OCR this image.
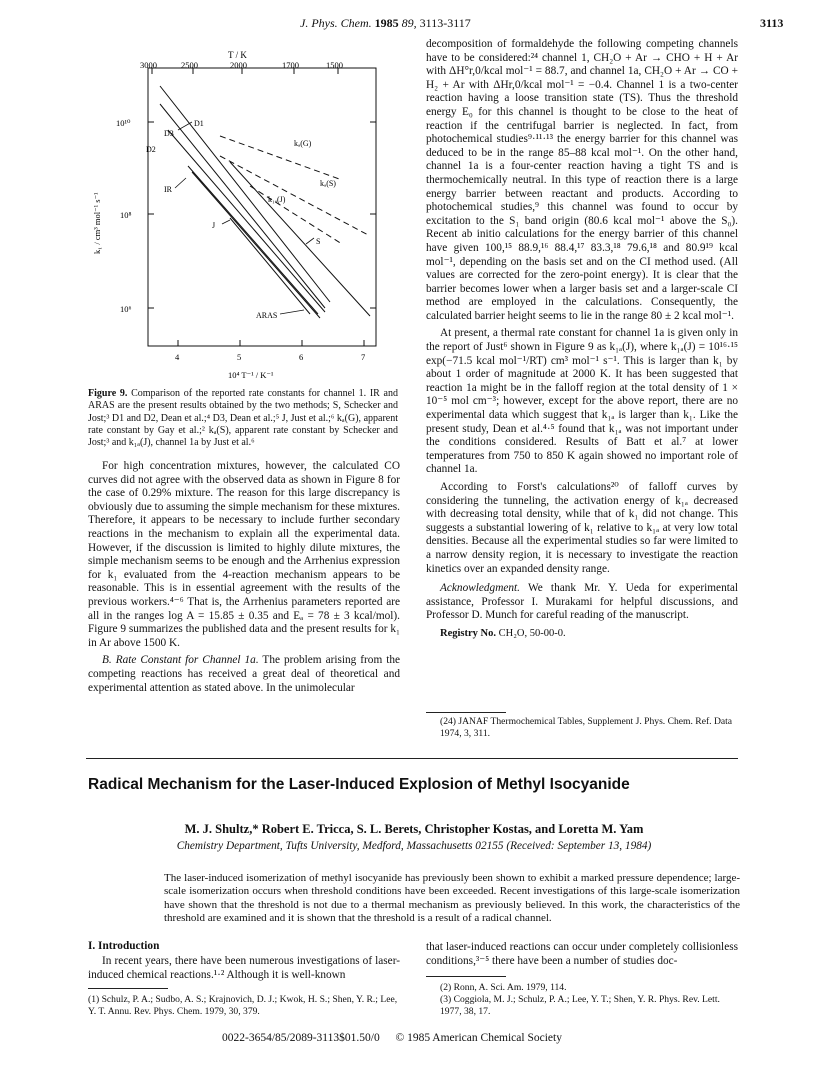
J. Phys. Chem. 1985 89, 3113-3117	3113
T / K
3000	2500	2000	1700	1500
10¹⁰
10⁸
10⁶
4	5	6	7
10⁴ T⁻¹ / K⁻¹
k₁ / cm³ mol⁻¹ s⁻¹
D1
D3
D2
IR
J
kₐ(G)
kₐ(S)
k₁ₐ(J)
S
ARAS
Figure 9. Comparison of the reported rate constants for channel 1. IR and ARAS are the present results obtained by the two methods; S, Schecker and Jost;³ D1 and D2, Dean et al.;⁴ D3, Dean et al.;⁵ J, Just et al.;⁶ kₐ(G), apparent rate constant by Gay et al.;² kₐ(S), apparent rate constant by Schecker and Jost;³ and k₁ₐ(J), channel 1a by Just et al.⁶

For high concentration mixtures, however, the calculated CO curves did not agree with the observed data as shown in Figure 8 for the case of 0.29% mixture. The reason for this large discrepancy is obviously due to assuming the simple mechanism for these mixtures. Therefore, it appears to be necessary to include further secondary reactions in the mechanism to explain all the experimental data. However, if the discussion is limited to highly dilute mixtures, the simple mechanism seems to be enough and the Arrhenius expression for k₁ evaluated from the 4-reaction mechanism appears to be reasonable. This is in essential agreement with the results of the previous workers.⁴⁻⁶ That is, the Arrhenius parameters reported are all in the ranges log A = 15.85 ± 0.35 and Eₐ = 78 ± 3 kcal/mol). Figure 9 summarizes the published data and the present results for k₁ in Ar above 1500 K.

B. Rate Constant for Channel 1a. The problem arising from the competing reactions has received a great deal of theoretical and experimental attention as stated above. In the unimolecular

decomposition of formaldehyde the following competing channels have to be considered:²⁴ channel 1, CH₂O + Ar → CHO + H + Ar with ΔH°r,0/kcal mol⁻¹ = 88.7, and channel 1a, CH₂O + Ar → CO + H₂ + Ar with ΔHr,0/kcal mol⁻¹ = −0.4. Channel 1 is a two-center reaction having a loose transition state (TS). Thus the threshold energy E₀ for this channel is thought to be close to the heat of reaction if the centrifugal barrier is neglected. In fact, from photochemical studies⁹·¹¹·¹³ the energy barrier for this channel was deduced to be in the range 85–88 kcal mol⁻¹. On the other hand, channel 1a is a four-center reaction having a tight TS and is thermochemically neutral. In this type of reaction there is a large energy barrier between reactant and products. According to photochemical studies,⁹ this channel was found to occur by excitation to the S₁ band origin (80.6 kcal mol⁻¹ above the S₀). Recent ab initio calculations for the energy barrier of this channel have given 100,¹⁵ 88.9,¹⁶ 88.4,¹⁷ 83.3,¹⁸ 79.6,¹⁸ and 80.9¹⁹ kcal mol⁻¹, depending on the basis set and on the CI method used. (All values are corrected for the zero-point energy). It is clear that the barrier becomes lower when a larger basis set and a larger-scale CI method are employed in the calculations. Consequently, the calculated barrier height seems to lie in the range 80 ± 2 kcal mol⁻¹.

At present, a thermal rate constant for channel 1a is given only in the report of Just⁶ shown in Figure 9 as k₁ₐ(J), where k₁ₐ(J) = 10¹⁶·¹⁵ exp(−71.5 kcal mol⁻¹/RT) cm³ mol⁻¹ s⁻¹. This is larger than k₁ by about 1 order of magnitude at 2000 K. It has been suggested that reaction 1a might be in the falloff region at the total density of 1 × 10⁻⁵ mol cm⁻³; however, except for the above report, there are no experimental data which suggest that k₁ₐ is larger than k₁. Like the present study, Dean et al.⁴·⁵ found that k₁ₐ was not important under the conditions considered. Results of Batt et al.⁷ at lower temperatures from 750 to 850 K again showed no important role of channel 1a.

According to Forst's calculations²⁰ of falloff curves by considering the tunneling, the activation energy of k₁ₐ decreased with decreasing total density, while that of k₁ did not change. This suggests a substantial lowering of k₁ relative to k₁ₐ at very low total densities. Because all the experimental studies so far were limited to a narrow density region, it is necessary to investigate the reaction kinetics over an expanded density range.

Acknowledgment. We thank Mr. Y. Ueda for experimental assistance, Professor I. Murakami for helpful discussions, and Professor D. Munch for careful reading of the manuscript.

Registry No. CH₂O, 50-00-0.

(24) JANAF Thermochemical Tables, Supplement J. Phys. Chem. Ref. Data 1974, 3, 311.
Radical Mechanism for the Laser-Induced Explosion of Methyl Isocyanide
M. J. Shultz,* Robert E. Tricca, S. L. Berets, Christopher Kostas, and Loretta M. Yam
Chemistry Department, Tufts University, Medford, Massachusetts 02155 (Received: September 13, 1984)
The laser-induced isomerization of methyl isocyanide has previously been shown to exhibit a marked pressure dependence; large-scale isomerization occurs when threshold conditions have been exceeded. Recent investigations of this large-scale isomerization have shown that the threshold is not due to a thermal mechanism as previously believed. In this work, the characteristics of the threshold are examined and it is shown that the threshold is a result of a radical channel.
I. Introduction
In recent years, there have been numerous investigations of laser-induced chemical reactions.¹·² Although it is well-known
that laser-induced reactions can occur under completely collisionless conditions,³⁻⁵ there have been a number of studies doc-
(1) Schulz, P. A.; Sudbo, A. S.; Krajnovich, D. J.; Kwok, H. S.; Shen, Y. R.; Lee, Y. T. Annu. Rev. Phys. Chem. 1979, 30, 379.
(2) Ronn, A. Sci. Am. 1979, 114.
(3) Coggiola, M. J.; Schulz, P. A.; Lee, Y. T.; Shen, Y. R. Phys. Rev. Lett. 1977, 38, 17.
0022-3654/85/2089-3113$01.50/0 © 1985 American Chemical Society
